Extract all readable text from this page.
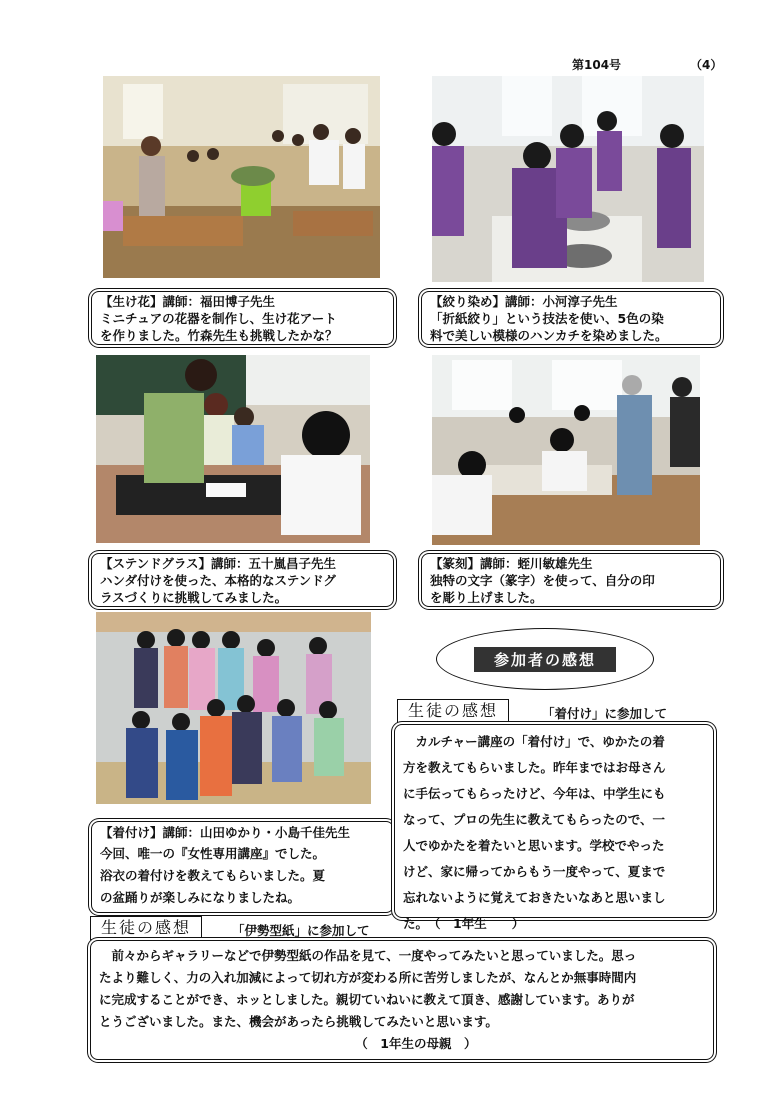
第104号	（4）
【生け花】講師：福田博子先生
ミニチュアの花器を制作し、生け花アート
を作りました。竹森先生も挑戦したかな？
【絞り染め】講師：小河淳子先生
「折紙絞り」という技法を使い、5色の染
料で美しい模様のハンカチを染めました。
【ステンドグラス】講師：五十嵐昌子先生
ハンダ付けを使った、本格的なステンドグ
ラスづくりに挑戦してみました。
【篆刻】講師：蛭川敏雄先生
独特の文字（篆字）を使って、自分の印
を彫り上げました。
【着付け】講師：山田ゆかり・小島千佳先生
今回、唯一の『女性専用講座』でした。
浴衣の着付けを教えてもらいました。夏
の盆踊りが楽しみになりましたね。
参加者の感想
生徒の感想	「着付け」に参加して
　カルチャー講座の「着付け」で、ゆかたの着
方を教えてもらいました。昨年まではお母さん
に手伝ってもらったけど、今年は、中学生にも
なって、プロの先生に教えてもらったので、一
人でゆかたを着たいと思います。学校でやった
けど、家に帰ってからもう一度やって、夏まで
忘れないように覚えておきたいなあと思いまし
た。　（　1年生　　）
生徒の感想	「伊勢型紙」に参加して
　前々からギャラリーなどで伊勢型紙の作品を見て、一度やってみたいと思っていました。思っ
たより難しく、力の入れ加減によって切れ方が変わる所に苦労しましたが、なんとか無事時間内
に完成することができ、ホッとしました。親切ていねいに教えて頂き、感謝しています。ありが
とうございました。また、機会があったら挑戦してみたいと思います。
　　　　　　　　　　　　　　　　　　　　　（　1年生の母親　）
